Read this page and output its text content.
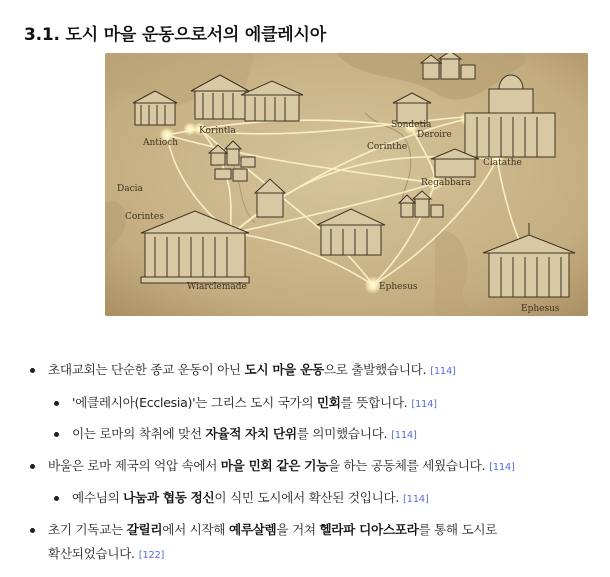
3.1. 도시 마을 운동으로서의 에클레시아
Antioch
Korintla
Dacia
Corintes
Wiarclemade
Sondetia
Deroire
Corinthe
Clatathe
Regabbara
Ephesus
Ephesus
초대교회는 단순한 종교 운동이 아닌 도시 마을 운동으로 출발했습니다. [114]
'에클레시아(Ecclesia)'는 그리스 도시 국가의 민회를 뜻합니다. [114]
이는 로마의 착취에 맞선 자율적 자치 단위를 의미했습니다. [114]
바울은 로마 제국의 억압 속에서 마을 민회 같은 기능을 하는 공동체를 세웠습니다. [114]
예수님의 나눔과 협동 정신이 식민 도시에서 확산된 것입니다. [114]
초기 기독교는 갈릴리에서 시작해 예루살렘을 거쳐 헬라파 디아스포라를 통해 도시로
확산되었습니다. [122]
